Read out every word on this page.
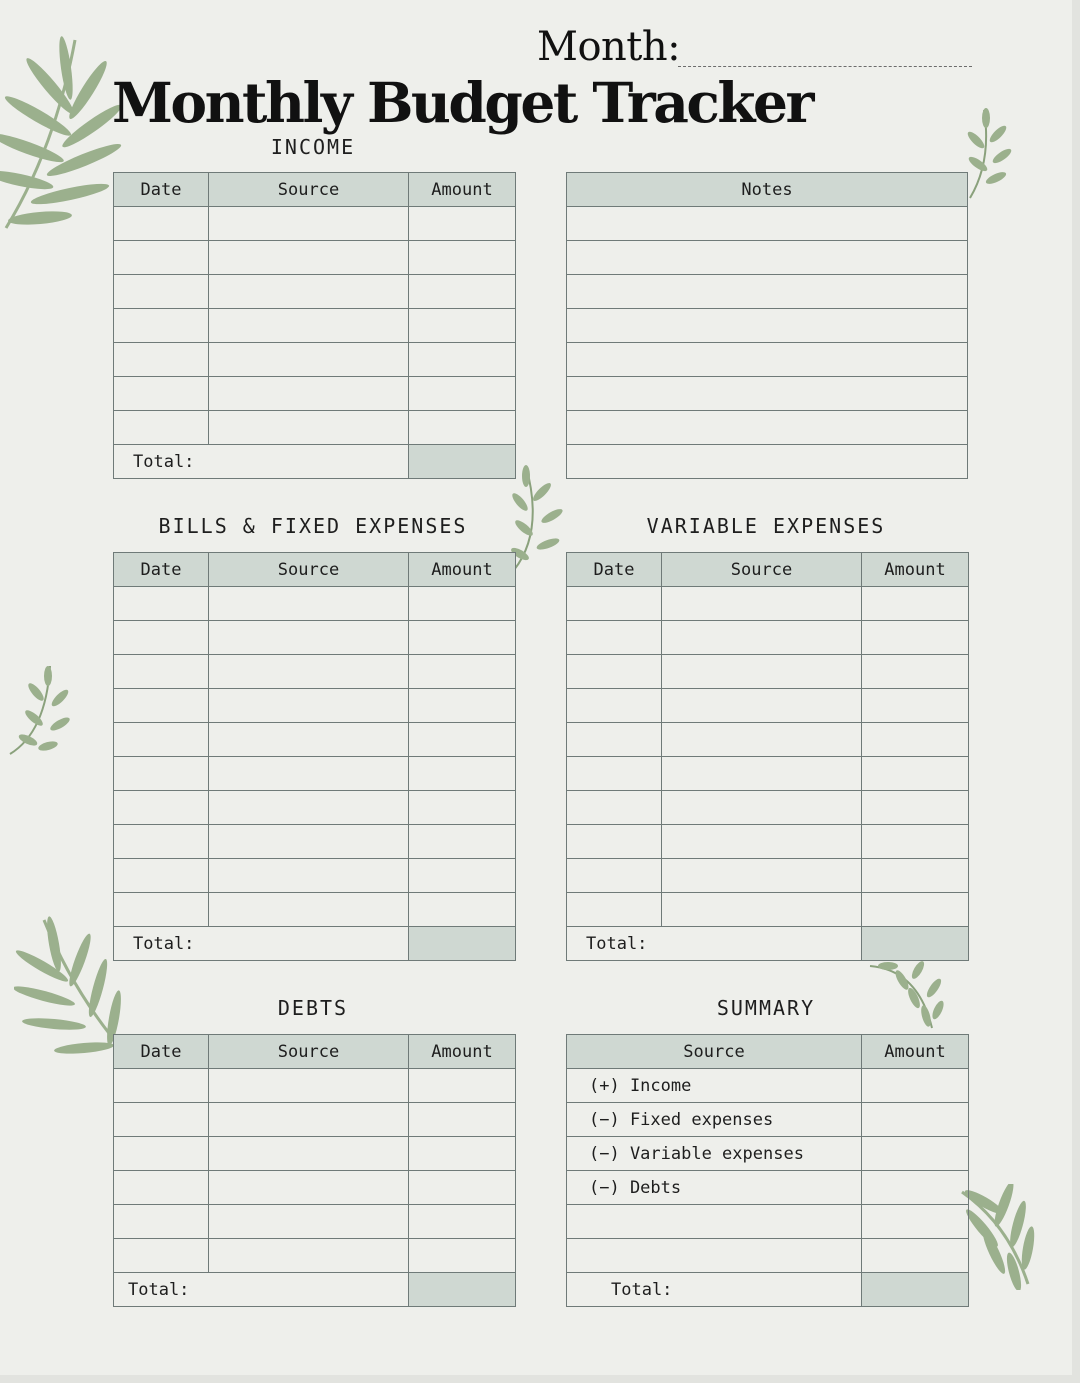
Month:
Monthly Budget Tracker
INCOME
Date	Source	Amount

Total:		
Notes

BILLS & FIXED EXPENSES
Date	Source	Amount

Total:		
VARIABLE EXPENSES
Date	Source	Amount

Total:		
DEBTS
Date	Source	Amount

Total:		
SUMMARY
Source	Amount
(+) Income	
(−) Fixed expenses	
(−) Variable expenses	
(−) Debts	

Total:	
